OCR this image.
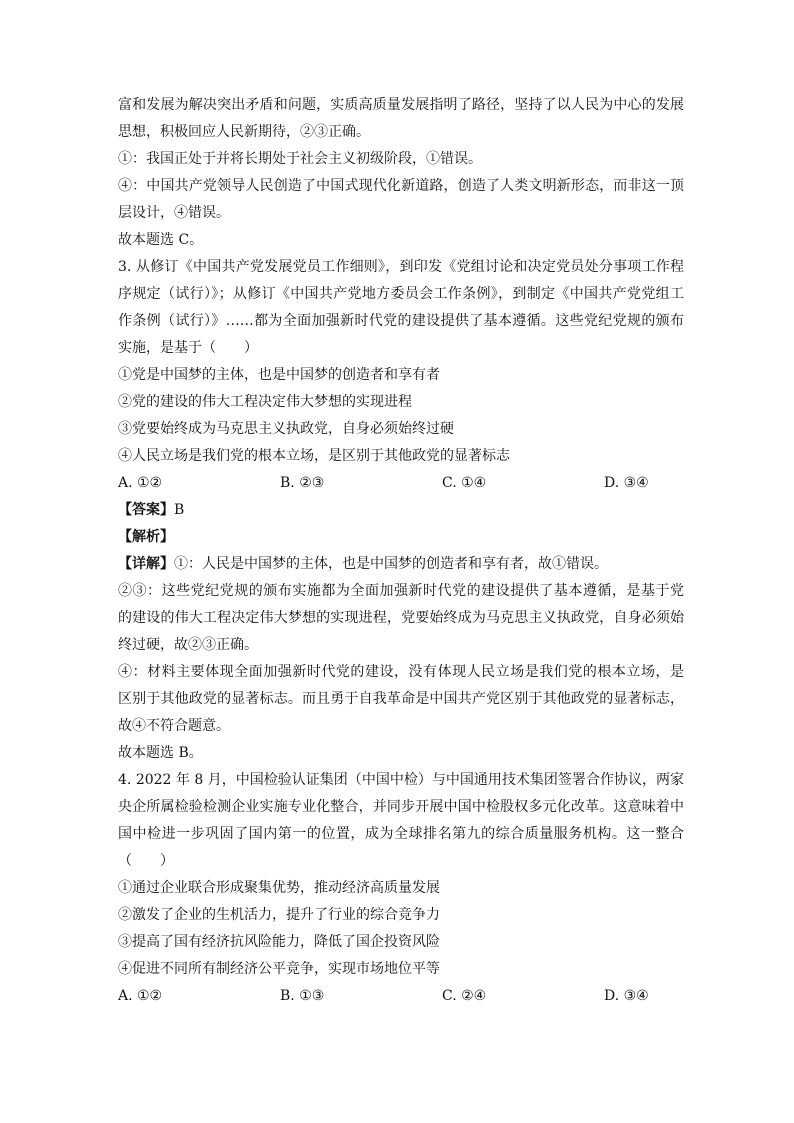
富和发展为解决突出矛盾和问题，实质高质量发展指明了路径，坚持了以人民为中心的发展
思想，积极回应人民新期待，②③正确。
①：我国正处于并将长期处于社会主义初级阶段，①错误。
④：中国共产党领导人民创造了中国式现代化新道路，创造了人类文明新形态，而非这一顶
层设计，④错误。
故本题选 C。
3. 从修订《中国共产党发展党员工作细则》，到印发《党组讨论和决定党员处分事项工作程
序规定（试行）》；从修订《中国共产党地方委员会工作条例》，到制定《中国共产党党组工
作条例（试行）》……都为全面加强新时代党的建设提供了基本遵循。这些党纪党规的颁布
实施，是基于（　　）
①党是中国梦的主体，也是中国梦的创造者和享有者
②党的建设的伟大工程决定伟大梦想的实现进程
③党要始终成为马克思主义执政党，自身必须始终过硬
④人民立场是我们党的根本立场，是区别于其他政党的显著标志
A. ①②	B. ②③	C. ①④	D. ③④
【答案】B
【解析】
【详解】①：人民是中国梦的主体，也是中国梦的创造者和享有者，故①错误。
②③：这些党纪党规的颁布实施都为全面加强新时代党的建设提供了基本遵循，是基于党
的建设的伟大工程决定伟大梦想的实现进程，党要始终成为马克思主义执政党，自身必须始
终过硬，故②③正确。
④：材料主要体现全面加强新时代党的建设，没有体现人民立场是我们党的根本立场，是
区别于其他政党的显著标志。而且勇于自我革命是中国共产党区别于其他政党的显著标志，
故④不符合题意。
故本题选 B。
4. 2022 年 8 月，中国检验认证集团（中国中检）与中国通用技术集团签署合作协议，两家
央企所属检验检测企业实施专业化整合，并同步开展中国中检股权多元化改革。这意味着中
国中检进一步巩固了国内第一的位置，成为全球排名第九的综合质量服务机构。这一整合
（　　）
①通过企业联合形成聚集优势，推动经济高质量发展
②激发了企业的生机活力，提升了行业的综合竞争力
③提高了国有经济抗风险能力，降低了国企投资风险
④促进不同所有制经济公平竞争，实现市场地位平等
A. ①②	B. ①③	C. ②④	D. ③④
